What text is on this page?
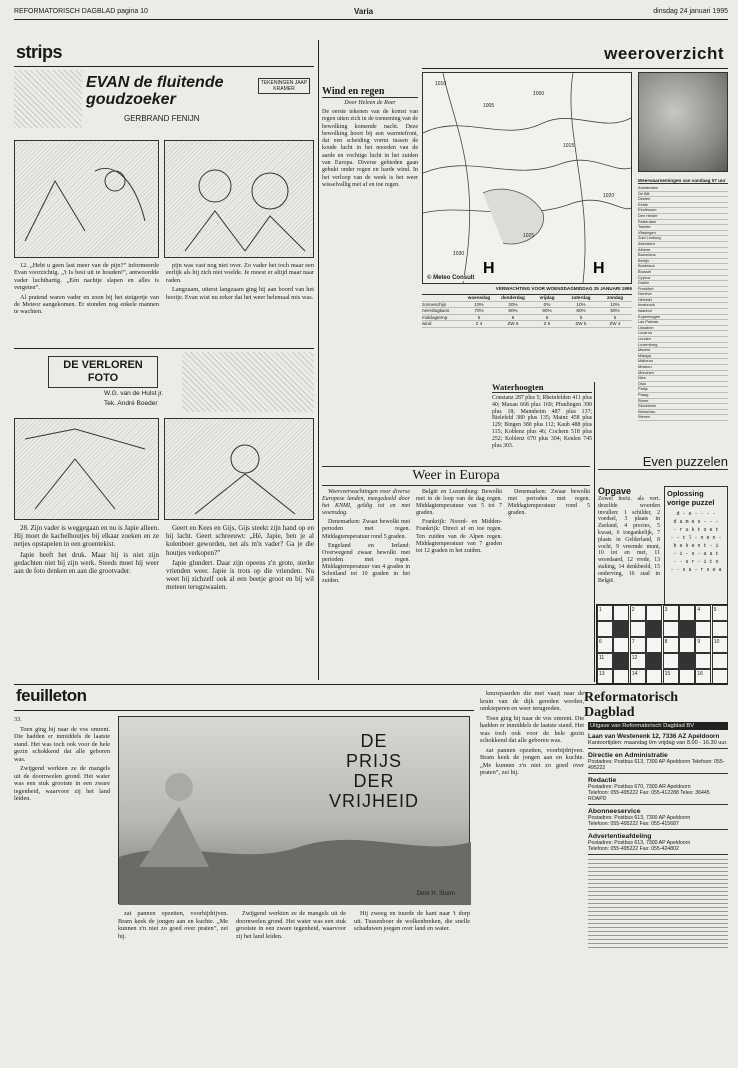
REFORMATORISCH DAGBLAD pagina 10	Varia	dinsdag 24 januari 1995
strips
EVAN de fluitende goudzoeker
GERBRAND FENIJN
TEKENINGEN JAAP KRAMER

12. „Hebt u geen last meer van de pijn?” informeerde Evan voorzichtig. „'t Is best uit te houden!”, antwoordde vader luchthartig. „Eén nachtje slapen en alles is vergeten”.

Al pratend waren vader en zoon bij het steigertje van de Meteor aangekomen. Er stonden nog enkele mannen te wachten.

pijn was vast nog niet over. Zo vader het toch maar een eerlijk als hij zich niet voelde. Je moest er altijd maar naar raden.

Langzaam, uiterst langzaam ging hij aan boord van het bootje. Evan wist nu zeker dat het weer helemaal mis was.

DE VERLOREN FOTO
W.G. van de Hulst jr.
Tek. André Boeder

28. Zijn vader is weggegaan en nu is Japie alleen. Hij moet de kachelhoutjes bij elkaar zoeken en ze netjes opstapelen in een groentekist.

Japie heeft het druk. Maar hij is niet zijn gedachten niet bij zijn werk. Steeds moet hij weer aan de foto denken en aan die grootvader.

Geert en Kees en Gijs, Gijs steekt zijn hand op en hij lacht. Geert schreeuwt: „Hé, Japie, ben je al kolenboer geworden, net als m'n vader? Ga je die houtjes verkopen?”

Japie glundert. Daar zijn opeens z'n grote, sterke vrienden weer. Japie is trots op die vrienden. Nu weet hij zichzelf ook al een beetje groot en bij wil meteen terugzwaaien.

Wind en regen
Door Heleen de Roer
De eerste tekenen van de komst van regen uiten zich in de toeneming van de bewolking komende nacht. Deze bewolking hoort bij een warmtefront, dat een scheiding vormt tussen de koude lucht in het noorden van de aarde en vochtige lucht in het zuiden van Europa. Diverse gebieden gaan gebukt onder regen en harde wind. In het verloop van de week is het weer wisselvallig met af en toe regen.
weeroverzicht
H	H
1010
1005
1000
1015
1020
1025
1030
© Meteo Consult
VERWACHTING VOOR WOENSDAGMIDDAG 25 JANUARI 1995
woensdag	donderdag	vrijdag	zaterdag	zondag
zonneschijn	10%	20%	0%	10%	10%
neerslagkans	70%	80%	90%	80%	80%
middagtemp.	5	6	6	5	5
wind	Z 4	ZW 5	Z 5	ZW 5	ZW 4
Weerwaarnemingen van vandaag 07 uur
Amsterdam
De Bilt
Deelen
Eelde
Eindhoven
Den Helder
Rotterdam
Twente
Vlissingen
Zuid Limburg
Aberdeen
Athene
Barcelona
Berlijn
Bordeaux
Brussel
Cyprus
Dublin
Frankfurt
Genève
Helsinki
Innsbruck
Istanbul
Kopenhagen
Las Palmas
Lissabon
Locarno
Londen
Luxemburg
Madrid
Malaga
Mallorca
Moskou
München
Nice
Oslo
Parijs
Praag
Rome
Stockholm
Warschau
Wenen
Waterhoogten
Constanz 287 plus 5; Rheinfelden 411 plus 40; Maxau 668 plus 169; Pfunlingen 390 plus 18; Mannheim 487 plus 137; Bielefeld 380 plus 135; Mainz 458 plus 129; Bingen 380 plus 112; Kaub 488 plus 115; Koblenz plus 46; Cochem 518 plus 252; Koblenz 670 plus 304; Keulen 745 plus 303.
Weer in Europa

Weersverwachtingen voor diverse Europese landen, meegedeeld door het KNMI, geldig tot en met woensdag.

Denemarken: Zwaar bewolkt met perioden met regen. Middagtemperatuur rond 5 graden.

Engeland en Ierland: Overwegend zwaar bewolkt met perioden met regen. Middagtemperatuur van 4 graden in Schotland tot 10 graden in het zuiden.

België en Luxemburg: Bewolkt met in de loop van de dag regen. Middagtemperatuur van 5 tot 7 graden.

Frankrijk: Noord- en Midden-Frankrijk: Direct af en toe regen. Ten zuiden van de Alpen regen. Middagtemperatuur van 7 graden tot 12 graden in het zuiden.

Denemarken: Zwaar bewolkt met perioden met regen. Middagtemperatuur rond 5 graden.

Even puzzelen
Opgave
Zowel horiz. als vert. dezelfde woorden invullen: 1 schilder, 2 voedsel, 3 plaats in Zeeland, 4 precies, 5 kwast, 6 toegankelijk, 7 plaats in Gelderland, 8 vocht, 9 vreemde munt, 10 tot en met, 11 wreedaard, 12 vrede, 13 staking, 14 denkbeeld, 15 onderving, 16 stad in België.
Oplossing vorige puzzel
d - e - - - -
d a m e s - - -
- r u k t o e t
- - t l - n e n -
b e k e n t - i
- i - s - a a t
- - s r - i t o
- - s a - r s e a
1	2	3	4	5
6	7	8	9	10
11	12
13	14	15	16
feuilleton

33.

Toen ging hij naar de vos omrent. Die hadden er inmiddels de laatste stand. Het was toch ook voor de hele gezin schokkend dat alle geboren was.

Zwijgend werkten ze de mangels uit de doornwelen grond. Het water was een stuk grootste in een zware tegenheid, waarvoor zij het land leiden.

DE
PRIJS
DER
VRIJHEID
Door H. Sturm

zat pannen opzetten, voorbijdrijven. Bram keek de jongen aan en kuchte. „Me kunnen z'n niet zo goed over praten”, zei hij.

Zwijgend werkten ze de mangels uit de doornwelen grond. Het water was een stuk grootste in een zware tegenheid, waarvoor zij het land leiden.

Hij zweeg en tuurde de kant naar 't dorp uit. Tussenboer de wolkenbreken, die snelle schaduwen joegen over land en water.

knuwpaarden die met vaart naar de kruin van de dijk gereden werden, omkieperen en weer terugreden.

Toen ging hij naar de vos omrent. Die hadden er inmiddels de laatste stand. Het was toch ook voor de hele gezin schokkend dat alle geboren was.

zat pannen opzetten, voorbijdrijven. Bram keek de jongen aan en kuchte. „Me kunnen z'n niet zo goed over praten”, zei hij.

Reformatorisch Dagblad
Uitgave van Reformatorisch Dagblad BV
Laan van Westenenk 12, 7336 AZ Apeldoorn
Kantoortijden: maandag t/m vrijdag van 8.00 - 16.30 uur.
Directie en Administratie
Postadres: Postbus 613, 7300 AP Apeldoorn Telefoon: 055-495222
Redactie
Postadres: Postbus 670, 7300 AR Apeldoorn
Telefoon: 055-495222 Fax: 055-412288 Telex: 36445 ROAPD
Abonneeservice
Postadres: Postbus 613, 7300 AP Apeldoorn
Telefoon: 055-495222 Fax: 055-415687
Advertentieafdeling
Postadres: Postbus 613, 7300 AP Apeldoorn
Telefoon: 055-495222 Fax: 055-424802
